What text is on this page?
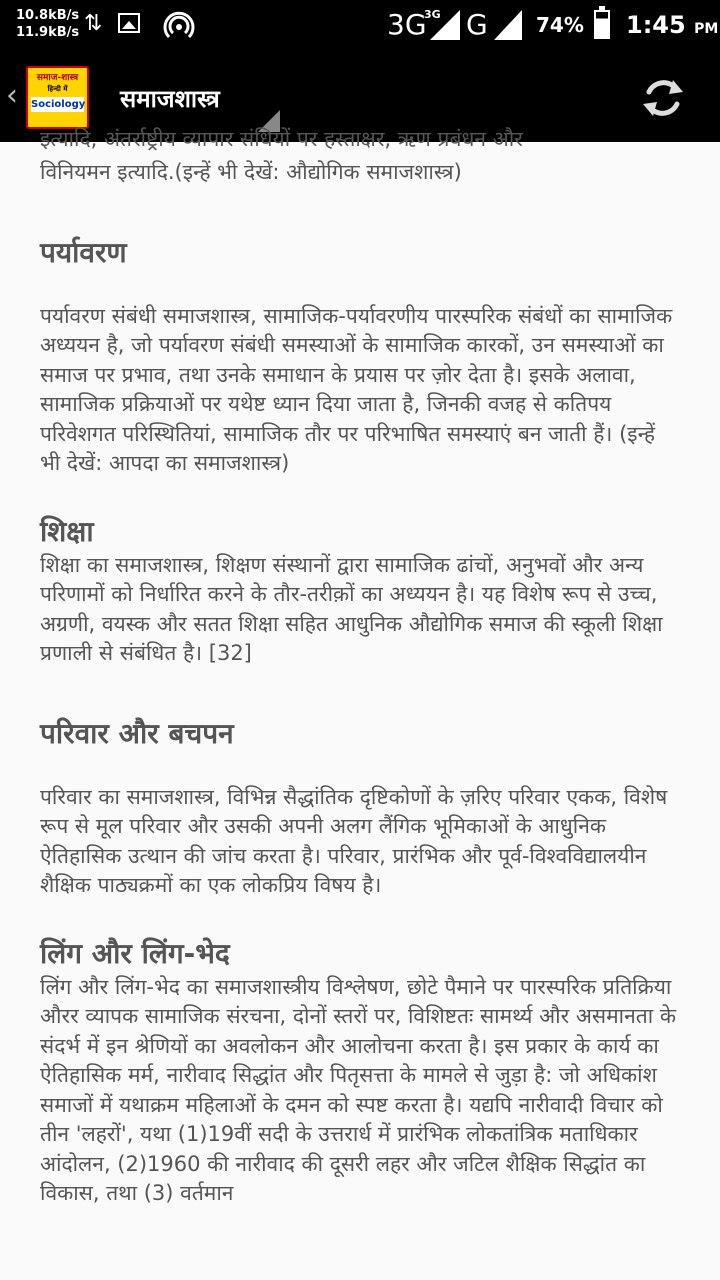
10.8kB/s
11.9kB/s ⇅	3G
3G G 74% 1:45 PM
‹	समाज-शास्त्र
हिन्दी में
Sociology समाजशास्त्र
इत्यादि, अंतर्राष्ट्रीय व्यापार संधियों पर हस्ताक्षर, ऋण प्रबंधन और
विनियमन इत्यादि.(इन्हें भी देखें: औद्योगिक समाजशास्त्र)
पर्यावरण
पर्यावरण संबंधी समाजशास्त्र, सामाजिक-पर्यावरणीय पारस्परिक संबंधों का सामाजिक अध्ययन है, जो पर्यावरण संबंधी समस्याओं के सामाजिक कारकों, उन समस्याओं का समाज पर प्रभाव, तथा उनके समाधान के प्रयास पर ज़ोर देता है। इसके अलावा, सामाजिक प्रक्रियाओं पर यथेष्ट ध्यान दिया जाता है, जिनकी वजह से कतिपय परिवेशगत परिस्थितियां, सामाजिक तौर पर परिभाषित समस्याएं बन जाती हैं। (इन्हें भी देखें: आपदा का समाजशास्त्र)
शिक्षा
शिक्षा का समाजशास्त्र, शिक्षण संस्थानों द्वारा सामाजिक ढांचों, अनुभवों और अन्य परिणामों को निर्धारित करने के तौर-तरीक़ों का अध्ययन है। यह विशेष रूप से उच्च, अग्रणी, वयस्क और सतत शिक्षा सहित आधुनिक औद्योगिक समाज की स्कूली शिक्षा प्रणाली से संबंधित है। [32]
परिवार और बचपन
परिवार का समाजशास्त्र, विभिन्न सैद्धांतिक दृष्टिकोणों के ज़रिए परिवार एकक, विशेष रूप से मूल परिवार और उसकी अपनी अलग लैंगिक भूमिकाओं के आधुनिक ऐतिहासिक उत्थान की जांच करता है। परिवार, प्रारंभिक और पूर्व-विश्वविद्यालयीन शैक्षिक पाठ्यक्रमों का एक लोकप्रिय विषय है।
लिंग और लिंग-भेद
लिंग और लिंग-भेद का समाजशास्त्रीय विश्लेषण, छोटे पैमाने पर पारस्परिक प्रतिक्रिया औरर व्यापक सामाजिक संरचना, दोनों स्तरों पर, विशिष्टतः सामर्थ्य और असमानता के संदर्भ में इन श्रेणियों का अवलोकन और आलोचना करता है। इस प्रकार के कार्य का ऐतिहासिक मर्म, नारीवाद सिद्धांत और पितृसत्ता के मामले से जुड़ा है: जो अधिकांश समाजों में यथाक्रम महिलाओं के दमन को स्पष्ट करता है। यद्यपि नारीवादी विचार को तीन 'लहरों', यथा (1)19वीं सदी के उत्तरार्ध में प्रारंभिक लोकतांत्रिक मताधिकार आंदोलन, (2)1960 की नारीवाद की दूसरी लहर और जटिल शैक्षिक सिद्धांत का विकास, तथा (3) वर्तमान
